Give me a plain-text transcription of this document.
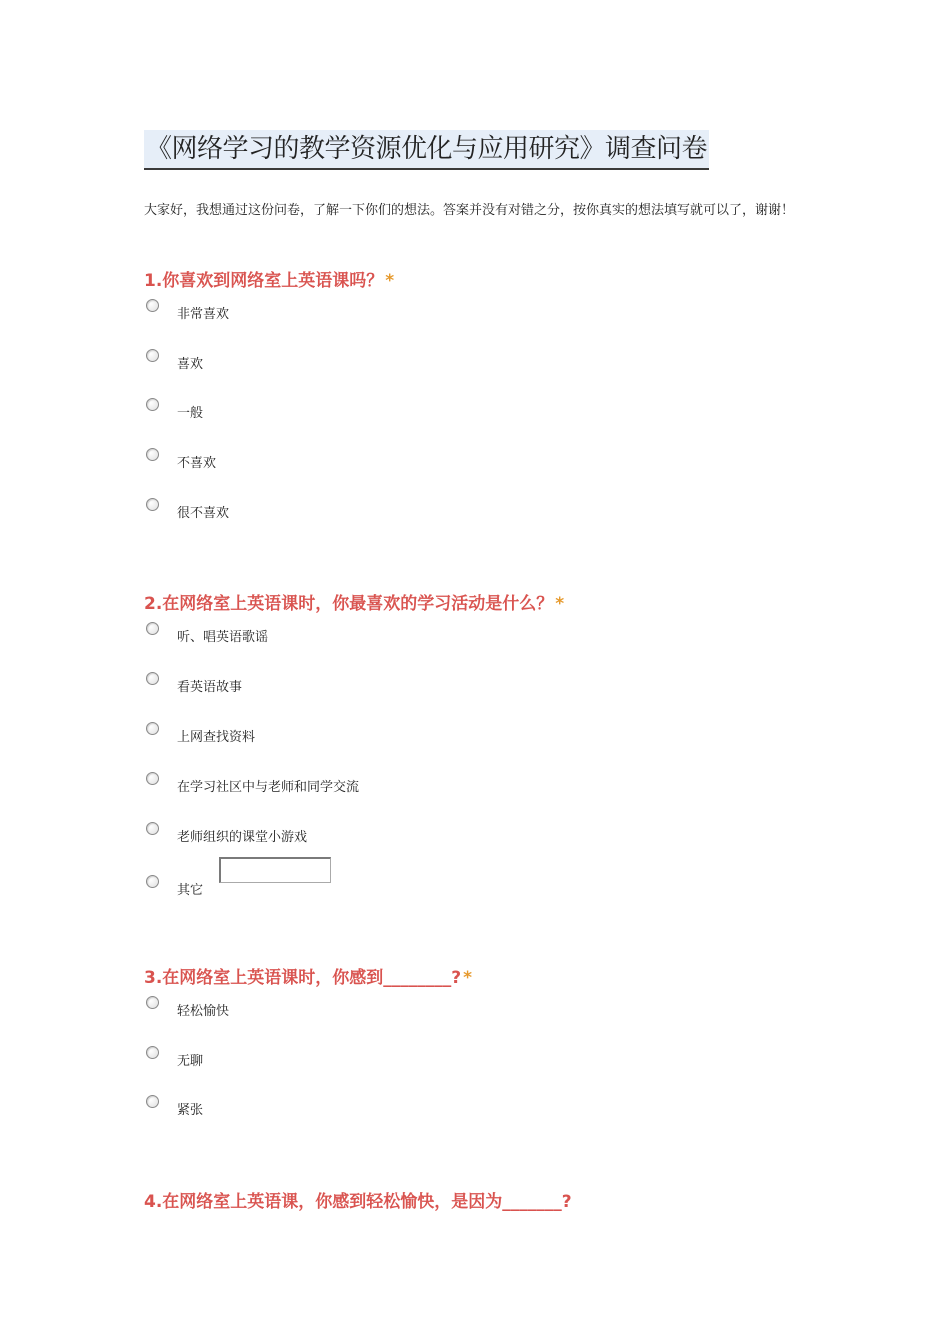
《网络学习的教学资源优化与应用研究》调查问卷

大家好，我想通过这份问卷，了解一下你们的想法。答案并没有对错之分，按你真实的想法填写就可以了，谢谢！

1.你喜欢到网络室上英语课吗？ *
非常喜欢
喜欢
一般
不喜欢
很不喜欢
2.在网络室上英语课时，你最喜欢的学习活动是什么？ *
听、唱英语歌谣
看英语故事
上网查找资料
在学习社区中与老师和同学交流
老师组织的课堂小游戏
其它
3.在网络室上英语课时，你感到________? *
轻松愉快
无聊
紧张
4.在网络室上英语课，你感到轻松愉快，是因为_______?
